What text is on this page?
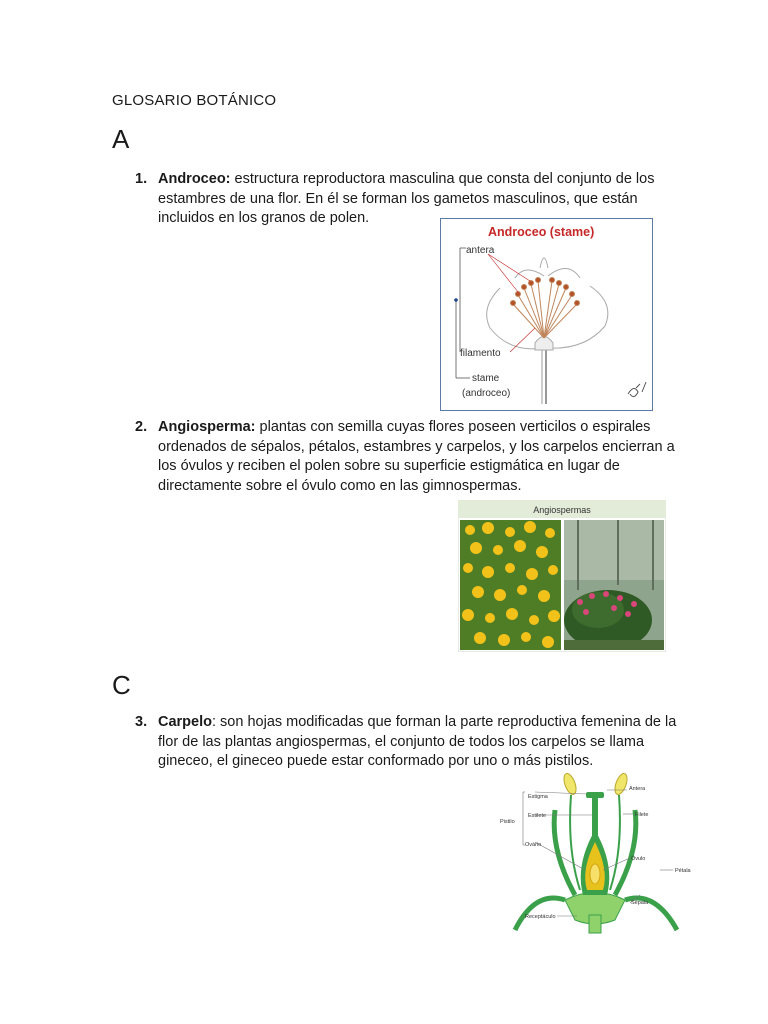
GLOSARIO BOTÁNICO
A
1. Androceo: estructura reproductora masculina que consta del conjunto de los estambres de una flor. En él se forman los gametos masculinos, que están incluidos en los granos de polen.
Androceo (stame)
antera
filamento
stame
(androceo)
2. Angiosperma: plantas con semilla cuyas flores poseen verticilos o espirales ordenados de sépalos, pétalos, estambres y carpelos, y los carpelos encierran a los óvulos y reciben el polen sobre su superficie estigmática en lugar de directamente sobre el óvulo como en las gimnospermas.
Angiospermas
C
3. Carpelo: son hojas modificadas que forman la parte reproductiva femenina de la flor de las plantas angiospermas, el conjunto de todos los carpelos se llama gineceo, el gineceo puede estar conformado por uno o más pistilos.
Estigma
Estilete
Pistilo
Ovário
Antera
Filete
Óvulo
Pétala
Sépala
Receptáculo
